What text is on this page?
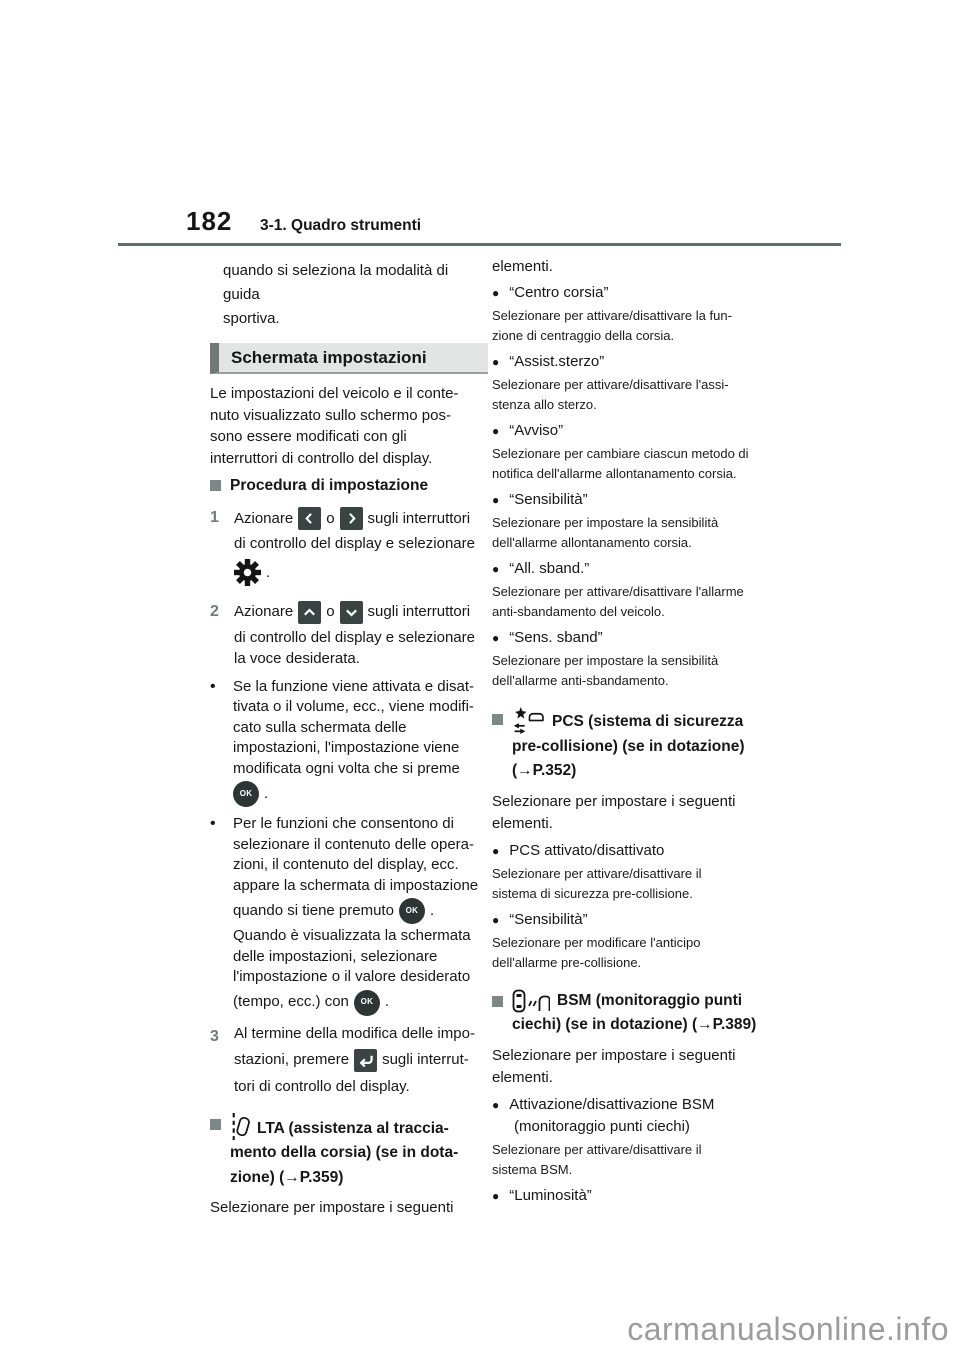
182 3-1. Quadro strumenti
quando si seleziona la modalità di guida
sportiva.
Schermata impostazioni
Le impostazioni del veicolo e il conte-
nuto visualizzato sullo schermo pos-
sono essere modificati con gli
interruttori di controllo del display.
Procedura di impostazione
1	Azionare o sugli interruttori
di controllo del display e selezionare
.
2	Azionare o sugli interruttori
di controllo del display e selezionare
la voce desiderata.
•	Se la funzione viene attivata e disat-
tivata o il volume, ecc., viene modifi-
cato sulla schermata delle
impostazioni, l'impostazione viene
modificata ogni volta che si preme
OK .
•	Per le funzioni che consentono di
selezionare il contenuto delle opera-
zioni, il contenuto del display, ecc.
appare la schermata di impostazione
quando si tiene premuto	OK .
Quando è visualizzata la schermata
delle impostazioni, selezionare
l'impostazione o il valore desiderato
(tempo, ecc.) con	OK .
3	Al termine della modifica delle impo-
stazioni, premere sugli interrut-
tori di controllo del display.
LTA (assistenza al traccia-
mento della corsia) (se in dota-
zione) (→P.359)
Selezionare per impostare i seguenti
elementi.
● “Centro corsia”
Selezionare per attivare/disattivare la fun-
zione di centraggio della corsia.
● “Assist.sterzo”
Selezionare per attivare/disattivare l'assi-
stenza allo sterzo.
● “Avviso”
Selezionare per cambiare ciascun metodo di
notifica dell'allarme allontanamento corsia.
● “Sensibilità”
Selezionare per impostare la sensibilità
dell'allarme allontanamento corsia.
● “All. sband.”
Selezionare per attivare/disattivare l'allarme
anti-sbandamento del veicolo.
● “Sens. sband”
Selezionare per impostare la sensibilità
dell'allarme anti-sbandamento.
PCS (sistema di sicurezza
pre-collisione) (se in dotazione)
(→P.352)
Selezionare per impostare i seguenti
elementi.
● PCS attivato/disattivato
Selezionare per attivare/disattivare il
sistema di sicurezza pre-collisione.
● “Sensibilità”
Selezionare per modificare l'anticipo
dell'allarme pre-collisione.
BSM (monitoraggio punti
ciechi) (se in dotazione) (→P.389)
Selezionare per impostare i seguenti
elementi.
● Attivazione/disattivazione BSM
(monitoraggio punti ciechi)
Selezionare per attivare/disattivare il
sistema BSM.
● “Luminosità”
carmanualsonline.info
